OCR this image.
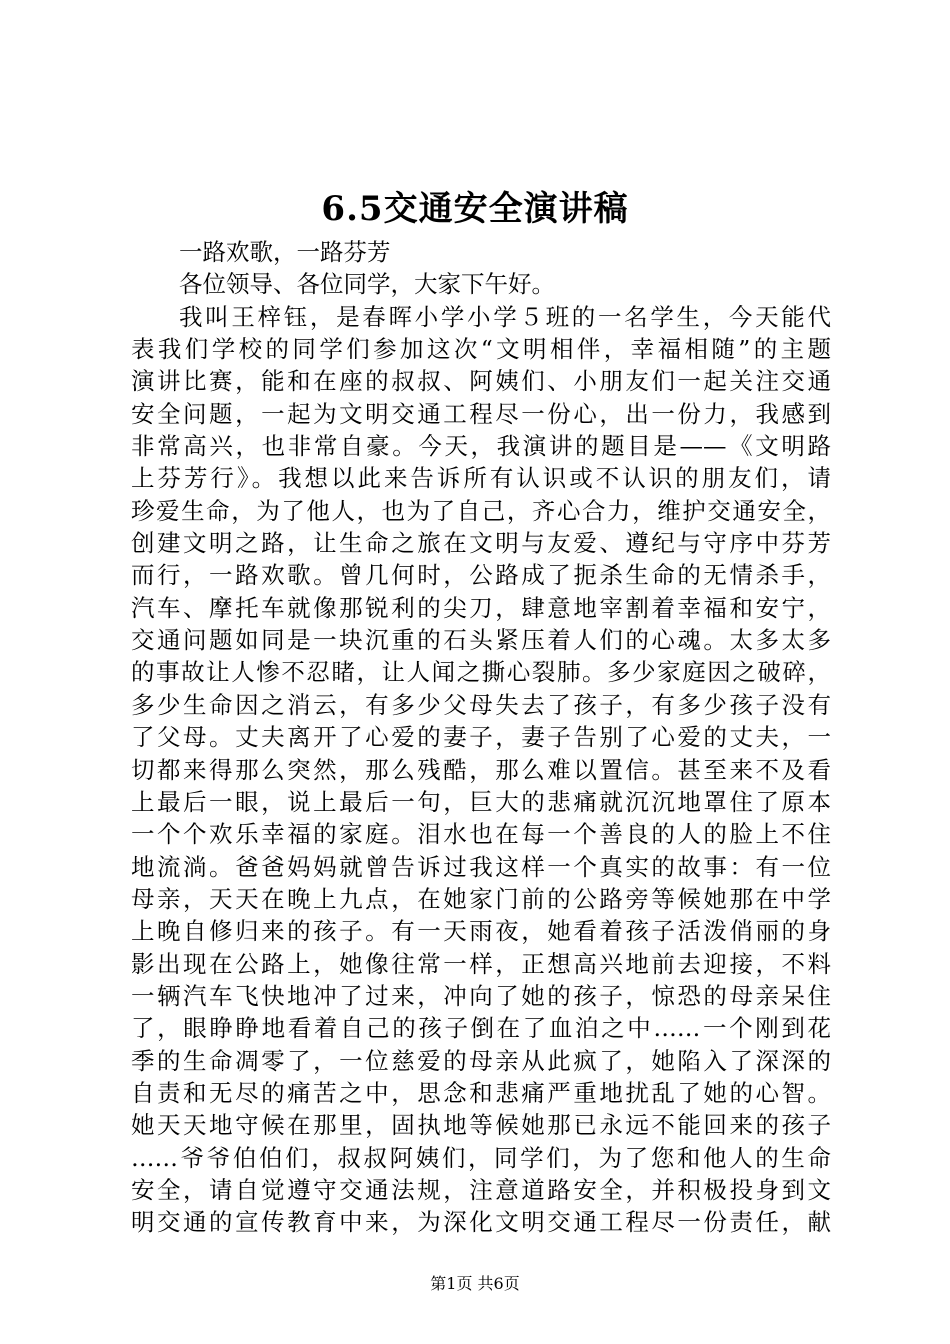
6.5交通安全演讲稿
一路欢歌，一路芬芳
各位领导、各位同学，大家下午好。
我叫王梓钰，是春晖小学小学５班的一名学生，今天能代
表我们学校的同学们参加这次“文明相伴，幸福相随”的主题
演讲比赛，能和在座的叔叔、阿姨们、小朋友们一起关注交通
安全问题，一起为文明交通工程尽一份心，出一份力，我感到
非常高兴，也非常自豪。今天，我演讲的题目是——《文明路
上芬芳行》。我想以此来告诉所有认识或不认识的朋友们，请
珍爱生命，为了他人，也为了自己，齐心合力，维护交通安全，
创建文明之路，让生命之旅在文明与友爱、遵纪与守序中芬芳
而行，一路欢歌。曾几何时，公路成了扼杀生命的无情杀手，
汽车、摩托车就像那锐利的尖刀，肆意地宰割着幸福和安宁，
交通问题如同是一块沉重的石头紧压着人们的心魂。太多太多
的事故让人惨不忍睹，让人闻之撕心裂肺。多少家庭因之破碎，
多少生命因之消云，有多少父母失去了孩子，有多少孩子没有
了父母。丈夫离开了心爱的妻子，妻子告别了心爱的丈夫，一
切都来得那么突然，那么残酷，那么难以置信。甚至来不及看
上最后一眼，说上最后一句，巨大的悲痛就沉沉地罩住了原本
一个个欢乐幸福的家庭。泪水也在每一个善良的人的脸上不住
地流淌。爸爸妈妈就曾告诉过我这样一个真实的故事：有一位
母亲，天天在晚上九点，在她家门前的公路旁等候她那在中学
上晚自修归来的孩子。有一天雨夜，她看着孩子活泼俏丽的身
影出现在公路上，她像往常一样，正想高兴地前去迎接，不料
一辆汽车飞快地冲了过来，冲向了她的孩子，惊恐的母亲呆住
了，眼睁睁地看着自己的孩子倒在了血泊之中……一个刚到花
季的生命凋零了，一位慈爱的母亲从此疯了，她陷入了深深的
自责和无尽的痛苦之中，思念和悲痛严重地扰乱了她的心智。
她天天地守候在那里，固执地等候她那已永远不能回来的孩子
……爷爷伯伯们，叔叔阿姨们，同学们，为了您和他人的生命
安全，请自觉遵守交通法规，注意道路安全，并积极投身到文
明交通的宣传教育中来，为深化文明交通工程尽一份责任，献
第1页 共6页
